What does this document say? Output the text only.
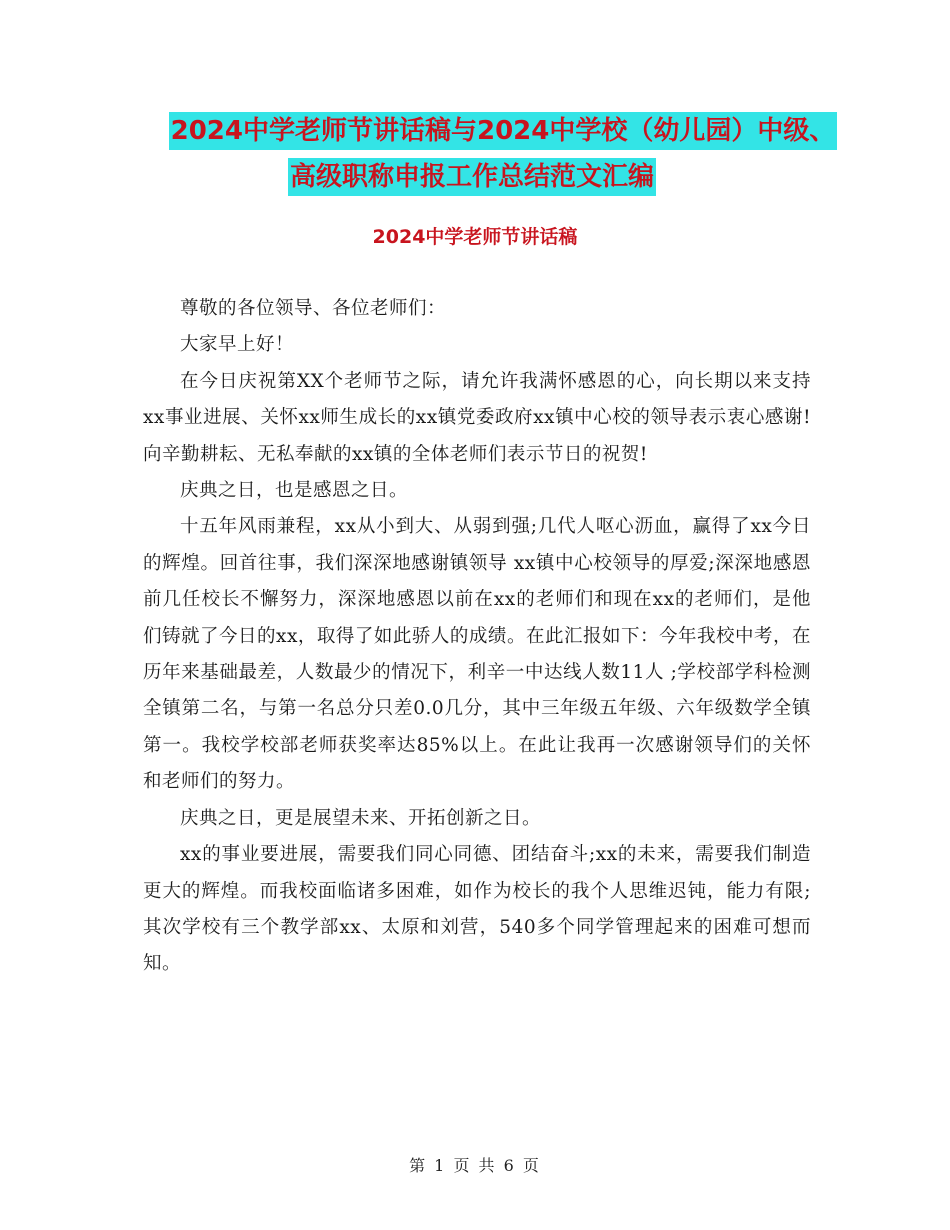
2024中学老师节讲话稿与2024中学校（幼儿园）中级、
高级职称申报工作总结范文汇编
2024中学老师节讲话稿

尊敬的各位领导、各位老师们：

大家早上好！

在今日庆祝第XX个老师节之际，请允许我满怀感恩的心，向长期以来支持xx事业进展、关怀xx师生成长的xx镇党委政府xx镇中心校的领导表示衷心感谢!向辛勤耕耘、无私奉献的xx镇的全体老师们表示节日的祝贺!

庆典之日，也是感恩之日。

十五年风雨兼程，xx从小到大、从弱到强;几代人呕心沥血，赢得了xx今日的辉煌。回首往事，我们深深地感谢镇领导 xx镇中心校领导的厚爱;深深地感恩前几任校长不懈努力，深深地感恩以前在xx的老师们和现在xx的老师们，是他们铸就了今日的xx，取得了如此骄人的成绩。在此汇报如下：今年我校中考，在历年来基础最差，人数最少的情况下，利辛一中达线人数11人 ;学校部学科检测全镇第二名，与第一名总分只差0.0几分，其中三年级五年级、六年级数学全镇第一。我校学校部老师获奖率达85%以上。在此让我再一次感谢领导们的关怀和老师们的努力。

庆典之日，更是展望未来、开拓创新之日。

xx的事业要进展，需要我们同心同德、团结奋斗;xx的未来，需要我们制造更大的辉煌。而我校面临诸多困难，如作为校长的我个人思维迟钝，能力有限;其次学校有三个教学部xx、太原和刘营，540多个同学管理起来的困难可想而知。

第 1 页 共 6 页
